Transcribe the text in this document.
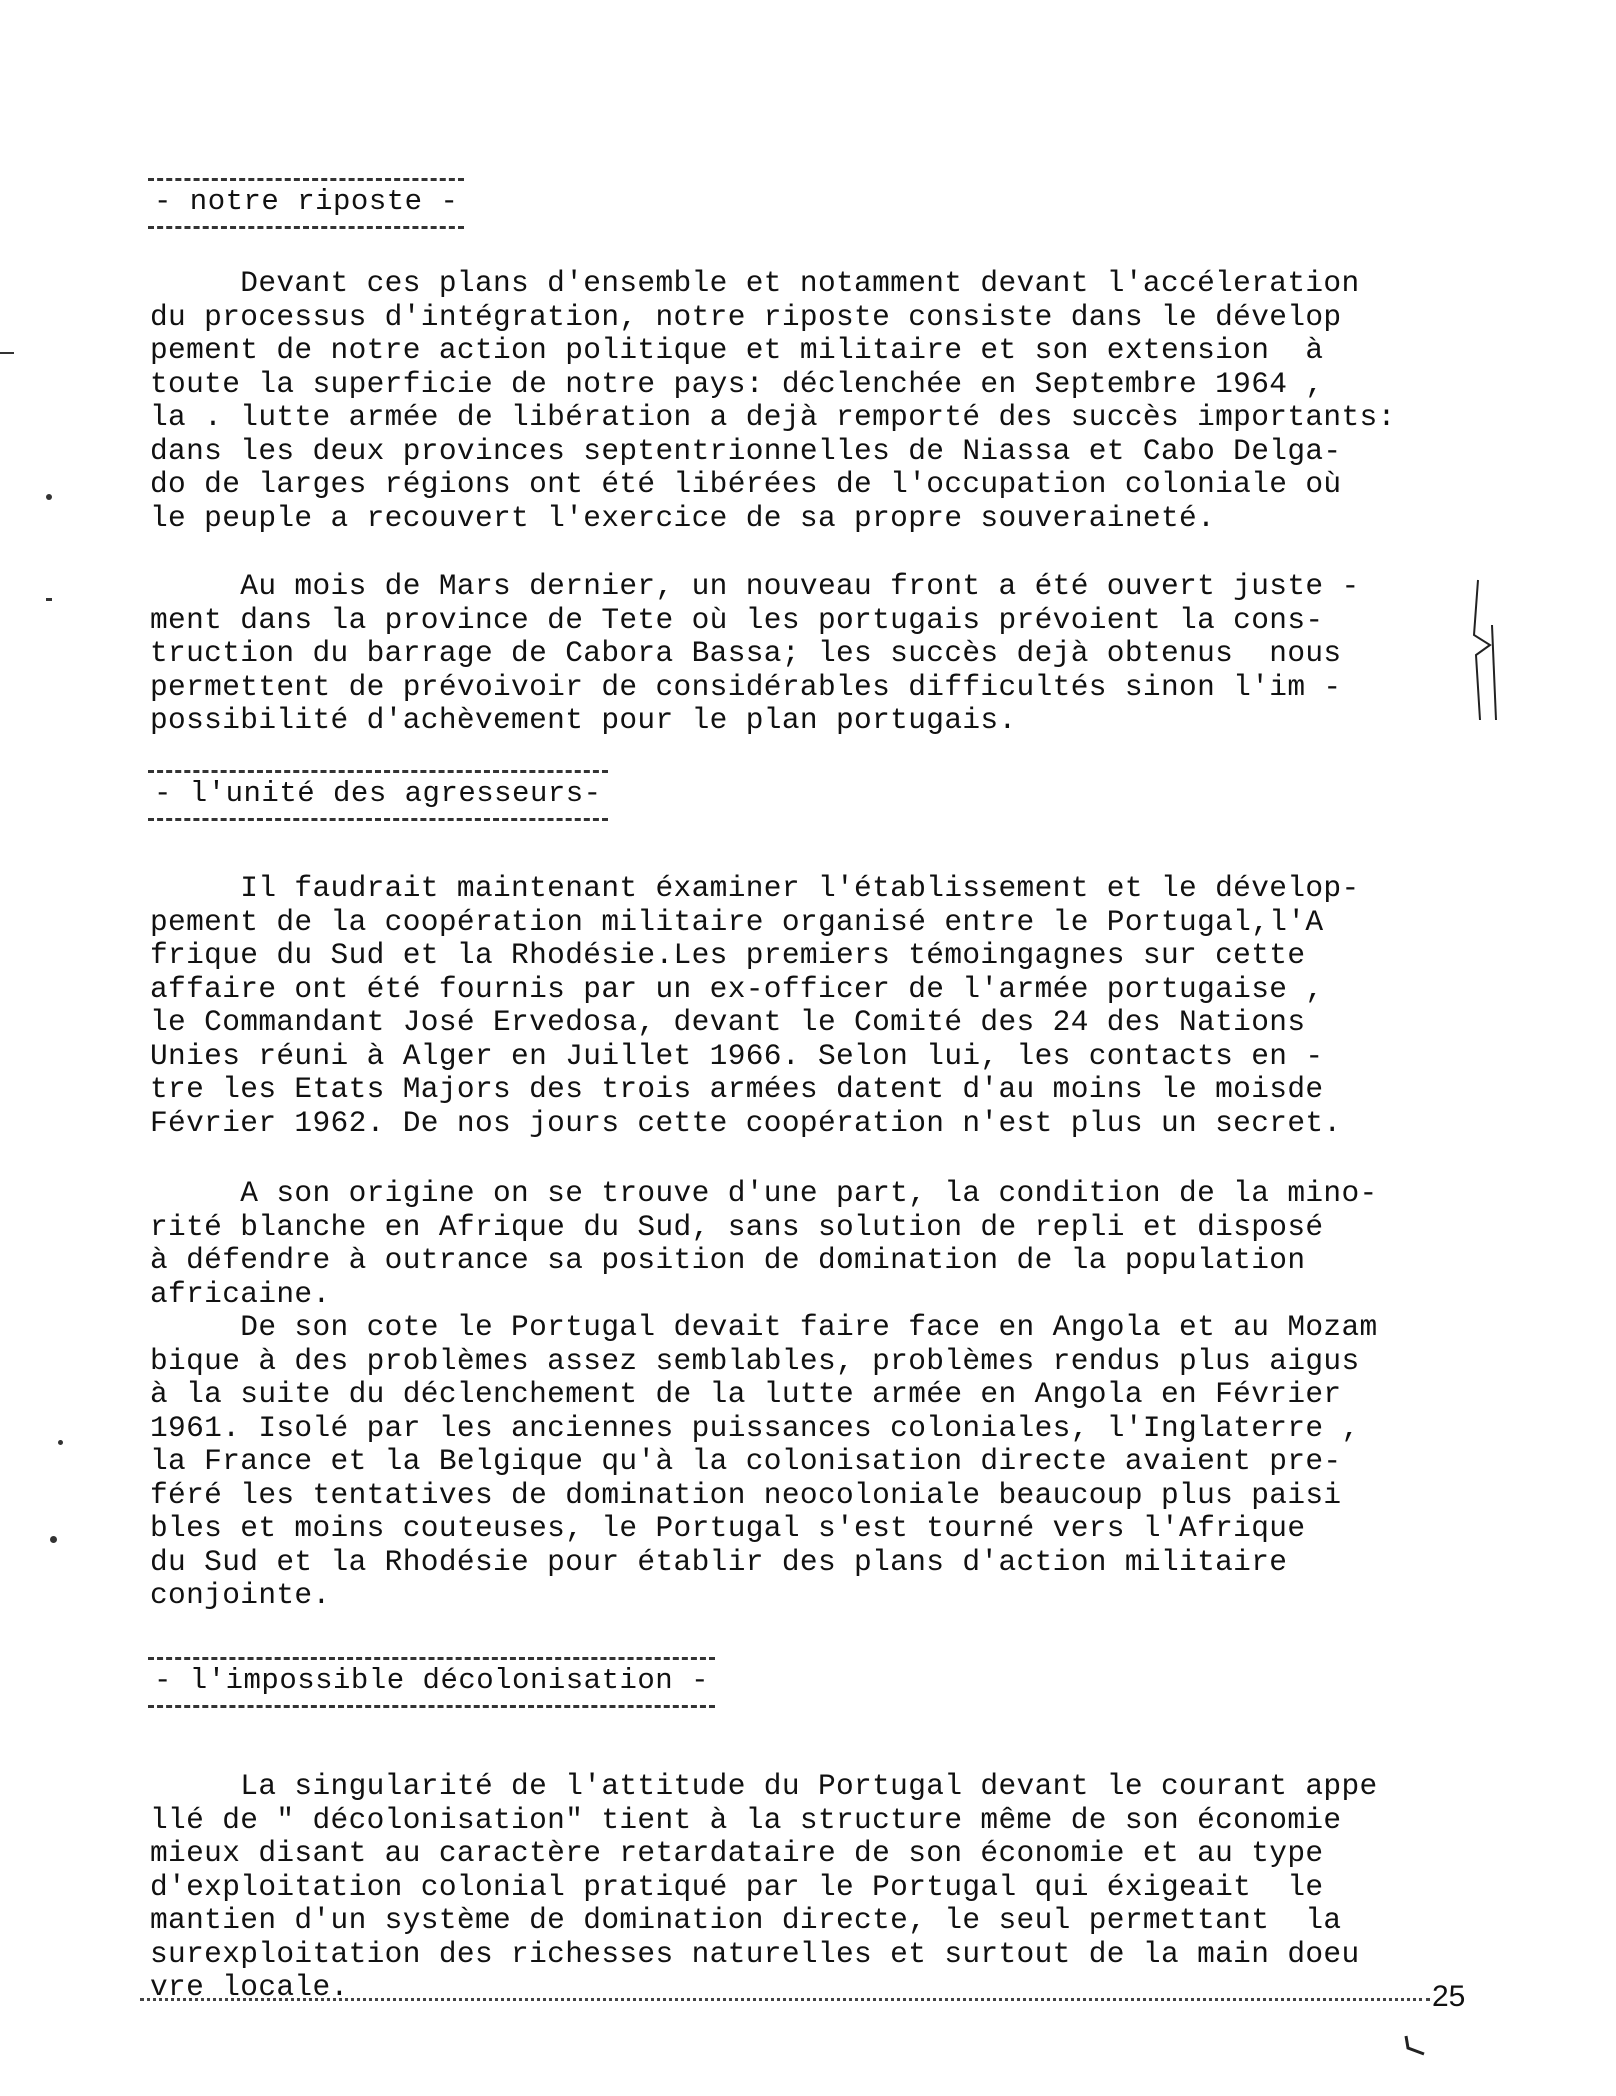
- notre riposte -
Devant ces plans d'ensemble et notamment devant l'accéleration
du processus d'intégration, notre riposte consiste dans le dévelop
pement de notre action politique et militaire et son extension  à
toute la superficie de notre pays: déclenchée en Septembre 1964 ,
la . lutte armée de libération a dejà remporté des succès importants:
dans les deux provinces septentrionnelles de Niassa et Cabo Delga-
do de larges régions ont été libérées de l'occupation coloniale où
le peuple a recouvert l'exercice de sa propre souveraineté.
Au mois de Mars dernier, un nouveau front a été ouvert juste -
ment dans la province de Tete où les portugais prévoient la cons-
truction du barrage de Cabora Bassa; les succès dejà obtenus  nous
permettent de prévoivoir de considérables difficultés sinon l'im -
possibilité d'achèvement pour le plan portugais.
- l'unité des agresseurs-
Il faudrait maintenant éxaminer l'établissement et le dévelop-
pement de la coopération militaire organisé entre le Portugal,l'A
frique du Sud et la Rhodésie.Les premiers témoingagnes sur cette
affaire ont été fournis par un ex-officer de l'armée portugaise ,
le Commandant José Ervedosa, devant le Comité des 24 des Nations
Unies réuni à Alger en Juillet 1966. Selon lui, les contacts en -
tre les Etats Majors des trois armées datent d'au moins le moisde
Février 1962. De nos jours cette coopération n'est plus un secret.
A son origine on se trouve d'une part, la condition de la mino-
rité blanche en Afrique du Sud, sans solution de repli et disposé
à défendre à outrance sa position de domination de la population
africaine.
De son cote le Portugal devait faire face en Angola et au Mozam
bique à des problèmes assez semblables, problèmes rendus plus aigus
à la suite du déclenchement de la lutte armée en Angola en Février
1961. Isolé par les anciennes puissances coloniales, l'Inglaterre ,
la France et la Belgique qu'à la colonisation directe avaient pre-
féré les tentatives de domination neocoloniale beaucoup plus paisi
bles et moins couteuses, le Portugal s'est tourné vers l'Afrique
du Sud et la Rhodésie pour établir des plans d'action militaire
conjointe.
- l'impossible décolonisation -
La singularité de l'attitude du Portugal devant le courant appe
llé de " décolonisation" tient à la structure même de son économie
mieux disant au caractère retardataire de son économie et au type
d'exploitation colonial pratiqué par le Portugal qui éxigeait  le
mantien d'un système de domination directe, le seul permettant  la
surexploitation des richesses naturelles et surtout de la main doeu
vre locale.	25
